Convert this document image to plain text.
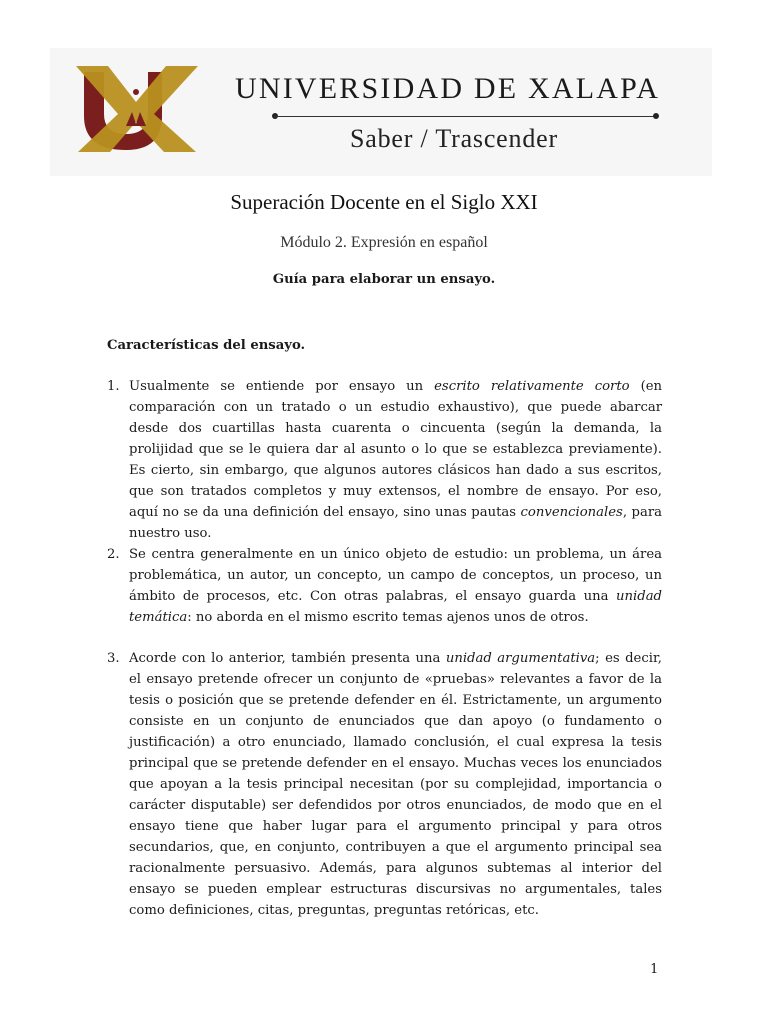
UNIVERSIDAD DE XALAPA
Saber / Trascender
Superación Docente en el Siglo XXI
Módulo 2. Expresión en español
Guía para elaborar un ensayo.
Características del ensayo.
1. Usualmente se entiende por ensayo un escrito relativamente corto (en comparación con un tratado o un estudio exhaustivo), que puede abarcar desde dos cuartillas hasta cuarenta o cincuenta (según la demanda, la prolijidad que se le quiera dar al asunto o lo que se establezca previamente). Es cierto, sin embargo, que algunos autores clásicos han dado a sus escritos, que son tratados completos y muy extensos, el nombre de ensayo. Por eso, aquí no se da una definición del ensayo, sino unas pautas convencionales, para nuestro uso.
2. Se centra generalmente en un único objeto de estudio: un problema, un área problemática, un autor, un concepto, un campo de conceptos, un proceso, un ámbito de procesos, etc. Con otras palabras, el ensayo guarda una unidad temática: no aborda en el mismo escrito temas ajenos unos de otros.
3. Acorde con lo anterior, también presenta una unidad argumentativa; es decir, el ensayo pretende ofrecer un conjunto de «pruebas» relevantes a favor de la tesis o posición que se pretende defender en él. Estrictamente, un argumento consiste en un conjunto de enunciados que dan apoyo (o fundamento o justificación) a otro enunciado, llamado conclusión, el cual expresa la tesis principal que se pretende defender en el ensayo. Muchas veces los enunciados que apoyan a la tesis principal necesitan (por su complejidad, importancia o carácter disputable) ser defendidos por otros enunciados, de modo que en el ensayo tiene que haber lugar para el argumento principal y para otros secundarios, que, en conjunto, contribuyen a que el argumento principal sea racionalmente persuasivo. Además, para algunos subtemas al interior del ensayo se pueden emplear estructuras discursivas no argumentales, tales como definiciones, citas, preguntas, preguntas retóricas, etc.
1
